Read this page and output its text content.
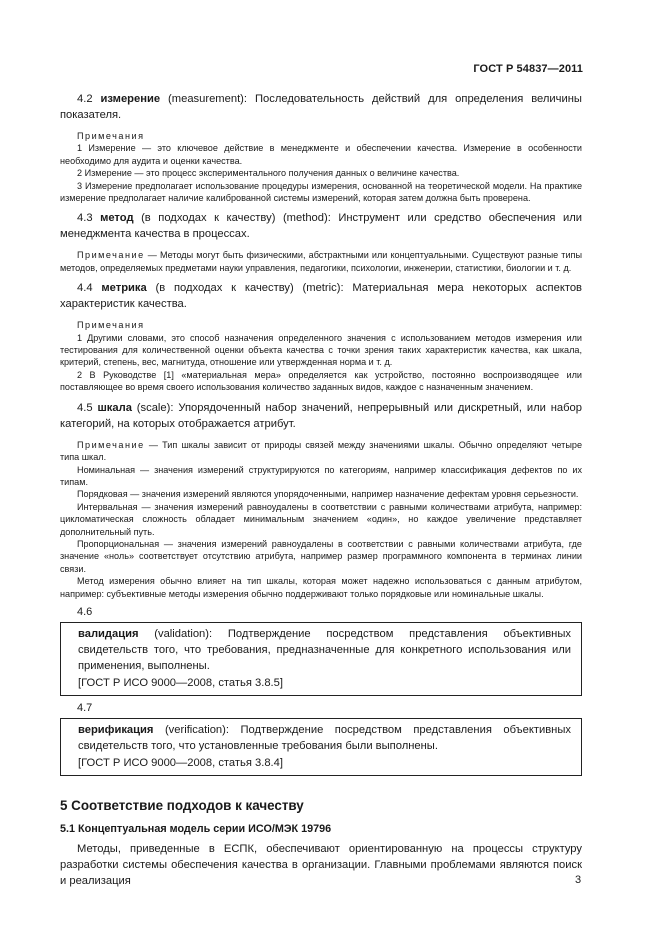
ГОСТ Р 54837—2011

4.2 измерение (measurement): Последовательность действий для определения величины показателя.

Примечания

1 Измерение — это ключевое действие в менеджменте и обеспечении качества. Измерение в особенности необходимо для аудита и оценки качества.

2 Измерение — это процесс экспериментального получения данных о величине качества.

3 Измерение предполагает использование процедуры измерения, основанной на теоретической модели. На практике измерение предполагает наличие калиброванной системы измерений, которая затем должна быть проверена.

4.3 метод (в подходах к качеству) (method): Инструмент или средство обеспечения или менеджмента качества в процессах.

Примечание — Методы могут быть физическими, абстрактными или концептуальными. Существуют разные типы методов, определяемых предметами науки управления, педагогики, психологии, инженерии, статистики, биологии и т. д.

4.4 метрика (в подходах к качеству) (metric): Материальная мера некоторых аспектов характеристик качества.

Примечания

1 Другими словами, это способ назначения определенного значения с использованием методов измерения или тестирования для количественной оценки объекта качества с точки зрения таких характеристик качества, как шкала, критерий, степень, вес, магнитуда, отношение или утвержденная норма и т. д.

2 В Руководстве [1] «материальная мера» определяется как устройство, постоянно воспроизводящее или поставляющее во время своего использования количество заданных видов, каждое с назначенным значением.

4.5 шкала (scale): Упорядоченный набор значений, непрерывный или дискретный, или набор категорий, на которых отображается атрибут.

Примечание — Тип шкалы зависит от природы связей между значениями шкалы. Обычно определяют четыре типа шкал.

Номинальная — значения измерений структурируются по категориям, например классификация дефектов по их типам.

Порядковая — значения измерений являются упорядоченными, например назначение дефектам уровня серьезности.

Интервальная — значения измерений равноудалены в соответствии с равными количествами атрибута, например: цикломатическая сложность обладает минимальным значением «один», но каждое увеличение представляет дополнительный путь.

Пропорциональная — значения измерений равноудалены в соответствии с равными количествами атрибута, где значение «ноль» соответствует отсутствию атрибута, например размер программного компонента в терминах линии связи.

Метод измерения обычно влияет на тип шкалы, которая может надежно использоваться с данным атрибутом, например: субъективные методы измерения обычно поддерживают только порядковые или номинальные шкалы.

4.6

валидация (validation): Подтверждение посредством представления объективных свидетельств того, что требования, предназначенные для конкретного использования или применения, выполнены.

[ГОСТ Р ИСО 9000—2008, статья 3.8.5]

4.7

верификация (verification): Подтверждение посредством представления объективных свидетельств того, что установленные требования были выполнены.

[ГОСТ Р ИСО 9000—2008, статья 3.8.4]

5 Соответствие подходов к качеству
5.1 Концептуальная модель серии ИСО/МЭК 19796

Методы, приведенные в ЕСПК, обеспечивают ориентированную на процессы структуру разработки системы обеспечения качества в организации. Главными проблемами являются поиск и реализация	3
